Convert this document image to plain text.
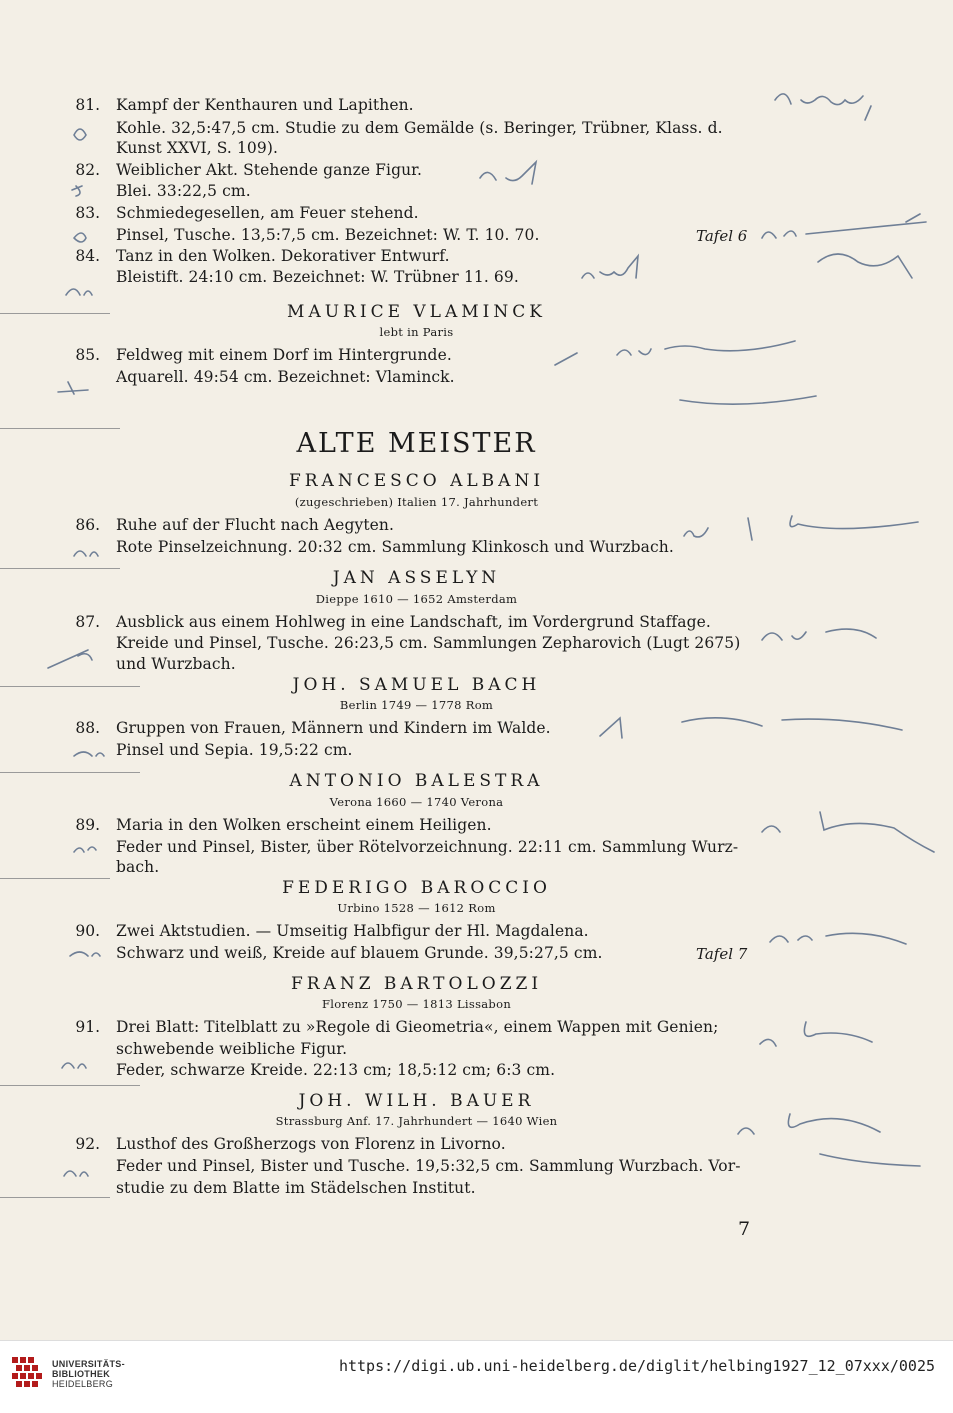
81. Kampf der Kenthauren und Lapithen.
Kohle. 32,5:47,5 cm. Studie zu dem Gemälde (s. Beringer, Trübner, Klass. d.
Kunst XXVI, S. 109).
82. Weiblicher Akt. Stehende ganze Figur.
Blei. 33:22,5 cm.
83. Schmiedegesellen, am Feuer stehend.
Pinsel, Tusche. 13,5:7,5 cm. Bezeichnet: W. T. 10. 70.	Tafel 6
84. Tanz in den Wolken. Dekorativer Entwurf.
Bleistift. 24:10 cm. Bezeichnet: W. Trübner 11. 69.
MAURICE VLAMINCK
lebt in Paris
85. Feldweg mit einem Dorf im Hintergrunde.
Aquarell. 49:54 cm. Bezeichnet: Vlaminck.
ALTE MEISTER
FRANCESCO ALBANI
(zugeschrieben) Italien 17. Jahrhundert
86. Ruhe auf der Flucht nach Aegyten.
Rote Pinselzeichnung. 20:32 cm. Sammlung Klinkosch und Wurzbach.
JAN ASSELYN
Dieppe 1610 — 1652 Amsterdam
87. Ausblick aus einem Hohlweg in eine Landschaft, im Vordergrund Staffage.
Kreide und Pinsel, Tusche. 26:23,5 cm. Sammlungen Zepharovich (Lugt 2675)
und Wurzbach.
JOH. SAMUEL BACH
Berlin 1749 — 1778 Rom
88. Gruppen von Frauen, Männern und Kindern im Walde.
Pinsel und Sepia. 19,5:22 cm.
ANTONIO BALESTRA
Verona 1660 — 1740 Verona
89. Maria in den Wolken erscheint einem Heiligen.
Feder und Pinsel, Bister, über Rötelvorzeichnung. 22:11 cm. Sammlung Wurz-
bach.
FEDERIGO BAROCCIO
Urbino 1528 — 1612 Rom
90. Zwei Aktstudien. — Umseitig Halbfigur der Hl. Magdalena.
Schwarz und weiß, Kreide auf blauem Grunde. 39,5:27,5 cm.	Tafel 7
FRANZ BARTOLOZZI
Florenz 1750 — 1813 Lissabon
91. Drei Blatt: Titelblatt zu »Regole di Gieometria«, einem Wappen mit Genien;
schwebende weibliche Figur.
Feder, schwarze Kreide. 22:13 cm; 18,5:12 cm; 6:3 cm.
JOH. WILH. BAUER
Strassburg Anf. 17. Jahrhundert — 1640 Wien
92. Lusthof des Großherzogs von Florenz in Livorno.
Feder und Pinsel, Bister und Tusche. 19,5:32,5 cm. Sammlung Wurzbach. Vor-
studie zu dem Blatte im Städelschen Institut.
7
UNIVERSITÄTS-
BIBLIOTHEK
HEIDELBERG
https://digi.ub.uni-heidelberg.de/diglit/helbing1927_12_07xxx/0025
